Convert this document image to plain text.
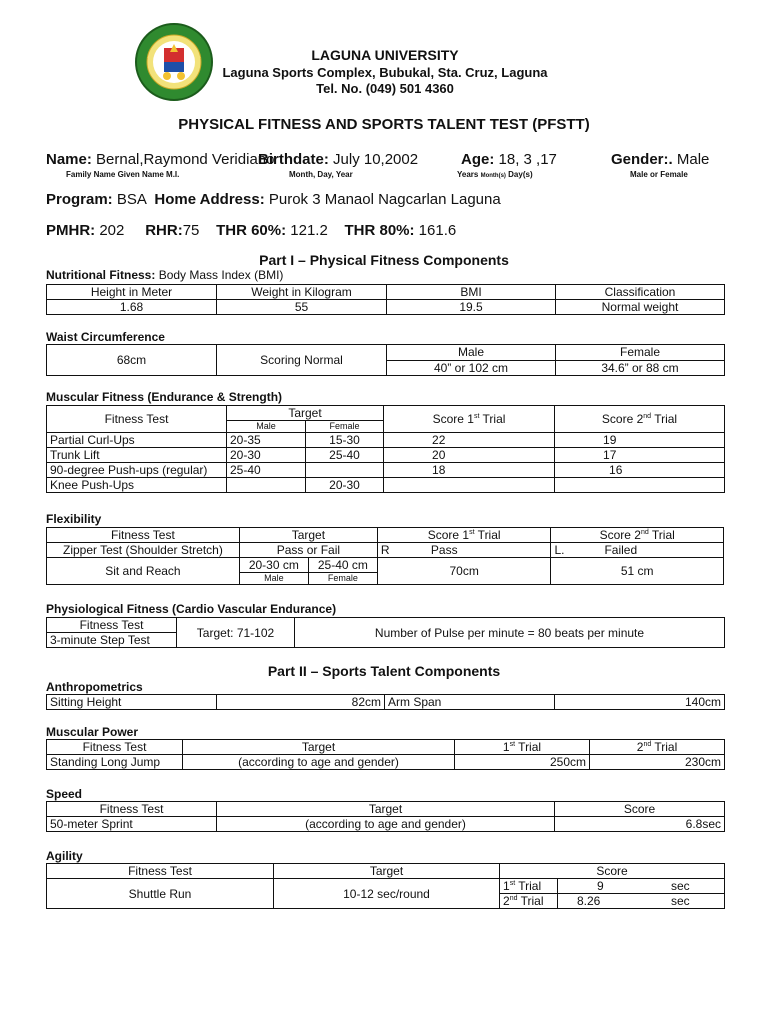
LAGUNA UNIVERSITY
Laguna Sports Complex, Bubukal, Sta. Cruz, Laguna
Tel. No. (049) 501 4360
PHYSICAL FITNESS AND SPORTS TALENT TEST (PFSTT)
Name: Bernal,Raymond Veridiano
Birthdate: July 10,2002	Age: 18, 3 ,17	Gender:. Male
Family Name Given Name M.I.	Month, Day, Year	Years Month(s) Day(s)	Male or Female
Program: BSA Home Address: Purok 3 Manaol Nagcarlan Laguna
PMHR: 202 RHR:75 THR 60%: 121.2 THR 80%: 161.6
Part I – Physical Fitness Components
Nutritional Fitness: Body Mass Index (BMI)
Height in Meter	Weight in Kilogram	BMI	Classification
1.68	55	19.5	Normal weight
Waist Circumference
68cm	Scoring Normal	Male	Female
		40” or 102 cm	34.6” or 88 cm
Muscular Fitness (Endurance & Strength)
Fitness Test	Target		Score 1st Trial	Score 2nd Trial
	Male	Female		
Partial Curl-Ups	20-35	15-30	22	19
Trunk Lift	20-30	25-40	20	17
90-degree Push-ups (regular)	25-40		18	16
Knee Push-Ups		20-30		
Flexibility
Fitness Test	Target		Score 1st Trial	Score 2nd Trial
Zipper Test (Shoulder Stretch)	Pass or Fail		R Pass	L. Failed
Sit and Reach	20-30 cm	25-40 cm	70cm	51 cm
	Male	Female		
Physiological Fitness (Cardio Vascular Endurance)
Fitness Test	Target: 71-102	Number of Pulse per minute = 80 beats per minute
3-minute Step Test
Part II – Sports Talent Components
Anthropometrics
Sitting Height	82cm	Arm Span	140cm
Muscular Power
Fitness Test	Target	1st Trial	2nd Trial
Standing Long Jump	(according to age and gender)	250cm	230cm
Speed
Fitness Test	Target	Score
50-meter Sprint	(according to age and gender)	6.8sec
Agility
Fitness Test	Target	Score	
Shuttle Run	10-12 sec/round	1st Trial	9 sec
		2nd Trial	8.26 sec
